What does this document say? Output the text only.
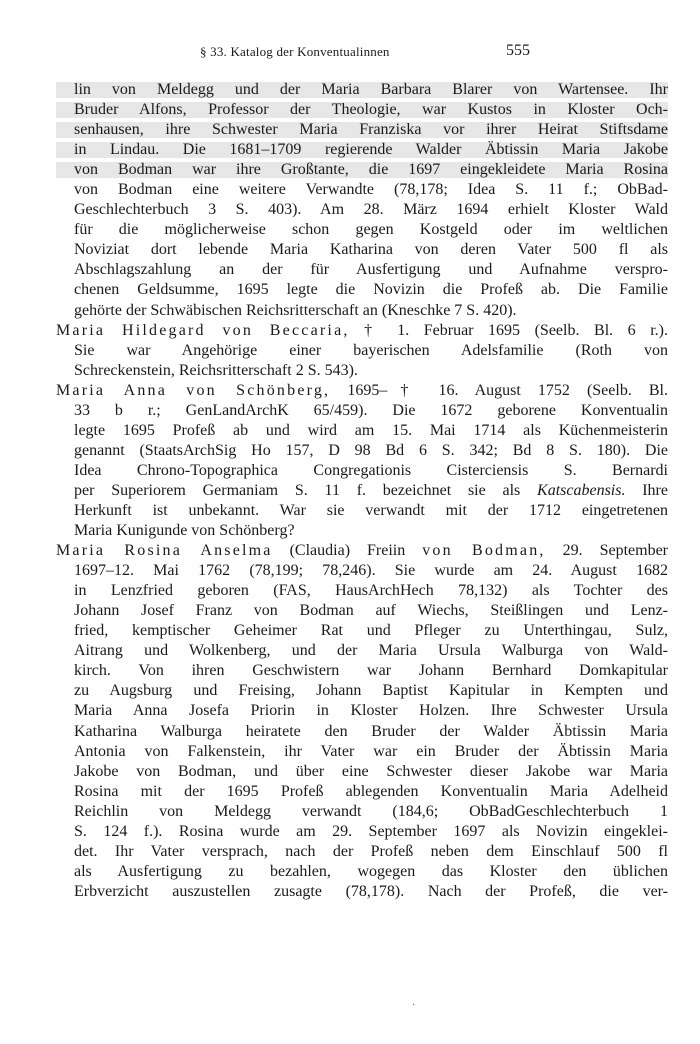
§ 33. Katalog der Konventualinnen	555
lin von Meldegg und der Maria Barbara Blarer von Wartensee. Ihr
Bruder Alfons, Professor der Theologie, war Kustos in Kloster Och-
senhausen, ihre Schwester Maria Franziska vor ihrer Heirat Stiftsdame
in Lindau. Die 1681–1709 regierende Walder Äbtissin Maria Jakobe
von Bodman war ihre Großtante, die 1697 eingekleidete Maria Rosina
von Bodman eine weitere Verwandte (78,178; Idea S. 11 f.; ObBad-
Geschlechterbuch 3 S. 403). Am 28. März 1694 erhielt Kloster Wald
für die möglicherweise schon gegen Kostgeld oder im weltlichen
Noviziat dort lebende Maria Katharina von deren Vater 500 fl als
Abschlagszahlung an der für Ausfertigung und Aufnahme verspro-
chenen Geldsumme, 1695 legte die Novizin die Profeß ab. Die Familie
gehörte der Schwäbischen Reichsritterschaft an (Kneschke 7 S. 420).
Maria Hildegard von Beccaria, † 1. Februar 1695 (Seelb. Bl. 6 r.).
Sie war Angehörige einer bayerischen Adelsfamilie (Roth von
Schreckenstein, Reichsritterschaft 2 S. 543).
Maria Anna von Schönberg, 1695–† 16. August 1752 (Seelb. Bl.
33 b r.; GenLandArchK 65/459). Die 1672 geborene Konventualin
legte 1695 Profeß ab und wird am 15. Mai 1714 als Küchenmeisterin
genannt (StaatsArchSig Ho 157, D 98 Bd 6 S. 342; Bd 8 S. 180). Die
Idea Chrono-Topographica Congregationis Cisterciensis S. Bernardi
per Superiorem Germaniam S. 11 f. bezeichnet sie als Katscabensis. Ihre
Herkunft ist unbekannt. War sie verwandt mit der 1712 eingetretenen
Maria Kunigunde von Schönberg?
Maria Rosina Anselma (Claudia) Freiin von Bodman, 29. September
1697–12. Mai 1762 (78,199; 78,246). Sie wurde am 24. August 1682
in Lenzfried geboren (FAS, HausArchHech 78,132) als Tochter des
Johann Josef Franz von Bodman auf Wiechs, Steißlingen und Lenz-
fried, kemptischer Geheimer Rat und Pfleger zu Unterthingau, Sulz,
Aitrang und Wolkenberg, und der Maria Ursula Walburga von Wald-
kirch. Von ihren Geschwistern war Johann Bernhard Domkapitular
zu Augsburg und Freising, Johann Baptist Kapitular in Kempten und
Maria Anna Josefa Priorin in Kloster Holzen. Ihre Schwester Ursula
Katharina Walburga heiratete den Bruder der Walder Äbtissin Maria
Antonia von Falkenstein, ihr Vater war ein Bruder der Äbtissin Maria
Jakobe von Bodman, und über eine Schwester dieser Jakobe war Maria
Rosina mit der 1695 Profeß ablegenden Konventualin Maria Adelheid
Reichlin von Meldegg verwandt (184,6; ObBadGeschlechterbuch 1
S. 124 f.). Rosina wurde am 29. September 1697 als Novizin eingeklei-
det. Ihr Vater versprach, nach der Profeß neben dem Einschlauf 500 fl
als Ausfertigung zu bezahlen, wogegen das Kloster den üblichen
Erbverzicht auszustellen zusagte (78,178). Nach der Profeß, die ver-
·
